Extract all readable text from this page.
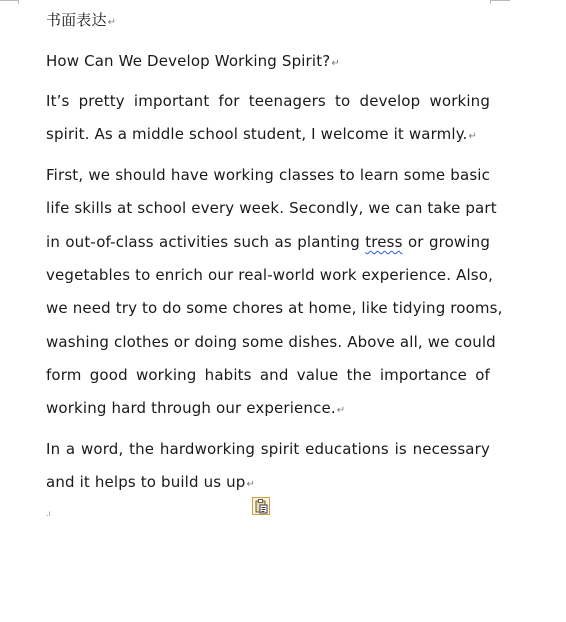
书面表达↵
How Can We Develop Working Spirit?↵
It’s pretty important for teenagers to develop working
spirit. As a middle school student, I welcome it warmly.↵
First, we should have working classes to learn some basic
life skills at school every week. Secondly, we can take part
in out-of-class activities such as planting tress or growing
vegetables to enrich our real-world work experience. Also,
we need try to do some chores at home, like tidying rooms,
washing clothes or doing some dishes. Above all, we could
form good working habits and value the importance of
working hard through our experience.↵
In a word, the hardworking spirit educations is necessary
and it helps to build us up↵
.ı
